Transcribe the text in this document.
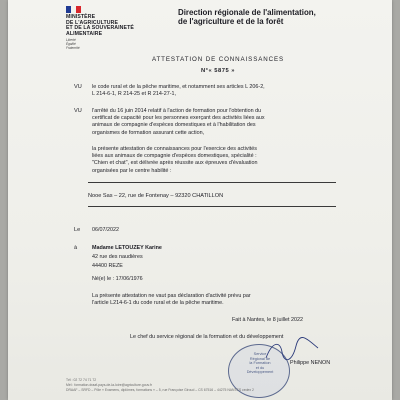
MINISTÈRE
DE L'AGRICULTURE
ET DE LA SOUVERAINETÉ
ALIMENTAIRE
Liberté
Égalité
Fraternité
Direction régionale de l'alimentation,
de l'agriculture et de la forêt
ATTESTATION DE CONNAISSANCES
N°« 5875 »
VU le code rural et de la pêche maritime, et notamment ses articles L 206-2,
L 214-6-1, R 214-25 et R 214-27-1,
VU l'arrêté du 16 juin 2014 relatif à l'action de formation pour l'obtention du
certificat de capacité pour les personnes exerçant des activités liées aux
animaux de compagnie d'espèces domestiques et à l'habilitation des
organismes de formation assurant cette action,
la présente attestation de connaissances pour l'exercice des activités
liées aux animaux de compagnie d'espèces domestiques, spécialité :
"Chien et chat", est délivrée après réussite aux épreuves d'évaluation
organisées par le centre habilité :
Nooe Sas – 22, rue de Fontenay – 92320 CHATILLON
Le 06/07/2022
à	Madame LETOUZEY Karine
42 rue des naudières
44400 REZE
Né(e) le : 17/06/1976
La présente attestation ne vaut pas déclaration d'activité prévu par
l'article L214-6-1 du code rural et de la pêche maritime.
Fait à Nantes, le 8 juillet 2022
Le chef du service régional de la formation et du développement
Service
Régional de
la Formation
et du
Développement
Philippe NENON
Tél : 02 72 74 71 72
Mél : formation.draaf-pays-de-la-loire@agriculture.gouv.fr
DRAAF – SRFD – Pôle « Examens, diplômes, formations » – 5, rue Françoise Giroud – CS 67516 – 44275 NANTES cedex 2
